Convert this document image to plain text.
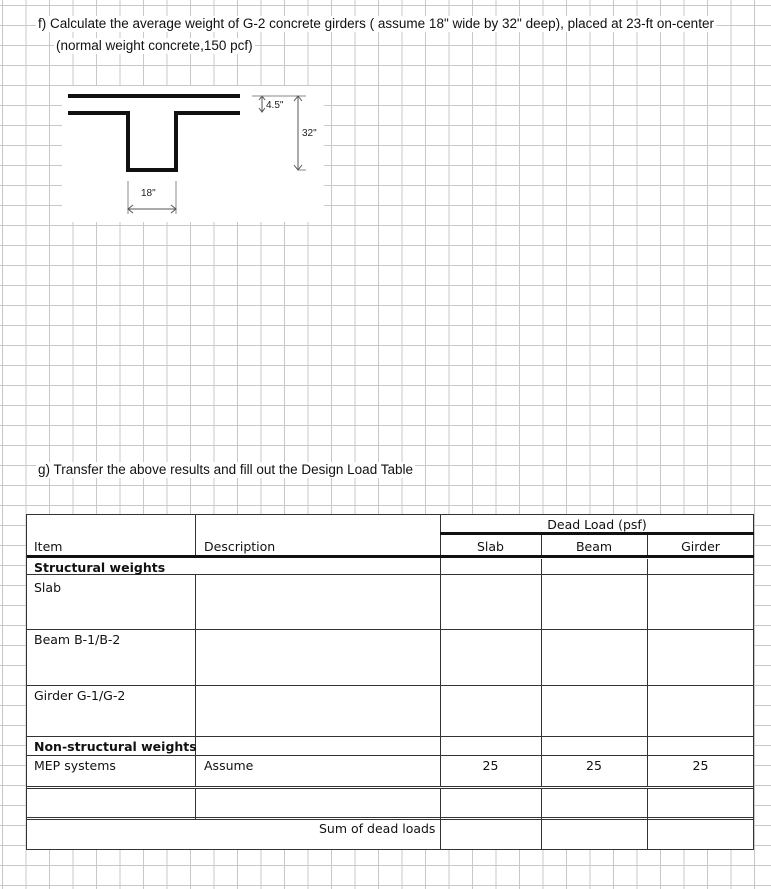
f) Calculate the average weight of G-2 concrete girders ( assume 18" wide by 32" deep), placed at 23-ft on-center
(normal weight concrete,150 pcf)
4.5"
32"
18"
g) Transfer the above results and fill out the Design Load Table
Dead Load (psf)
Item	Description	Slab	Beam	Girder
Structural weights
Slab
Beam B-1/B-2
Girder G-1/G-2
Non-structural weights
MEP systems	Assume	25	25	25
Sum of dead loads
